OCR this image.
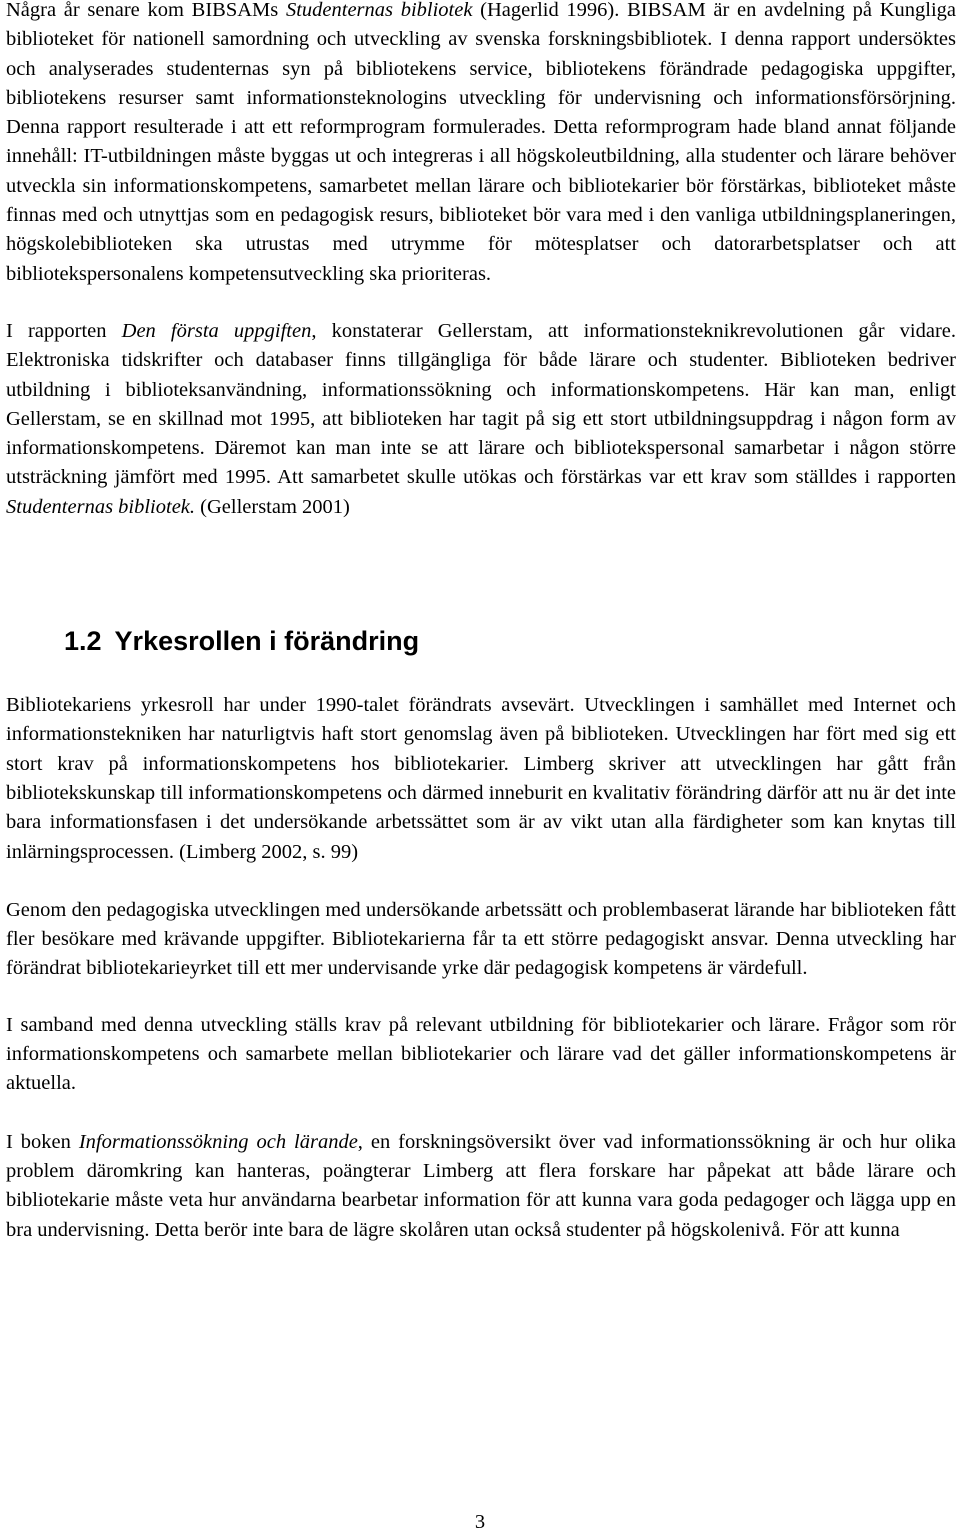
Några år senare kom BIBSAMs Studenternas bibliotek (Hagerlid 1996). BIBSAM är en avdelning på Kungliga biblioteket för nationell samordning och utveckling av svenska forskningsbibliotek. I denna rapport undersöktes och analyserades studenternas syn på bibliotekens service, bibliotekens förändrade pedagogiska uppgifter, bibliotekens resurser samt informationsteknologins utveckling för undervisning och informationsförsörjning. Denna rapport resulterade i att ett reformprogram formulerades. Detta reformprogram hade bland annat följande innehåll: IT-utbildningen måste byggas ut och integreras i all högskoleutbildning, alla studenter och lärare behöver utveckla sin informationskompetens, samarbetet mellan lärare och bibliotekarier bör förstärkas, biblioteket måste finnas med och utnyttjas som en pedagogisk resurs, biblioteket bör vara med i den vanliga utbildningsplaneringen, högskolebiblioteken ska utrustas med utrymme för mötesplatser och datorarbetsplatser och att bibliotekspersonalens kompetensutveckling ska prioriteras.

I rapporten Den första uppgiften, konstaterar Gellerstam, att informationsteknikrevolutionen går vidare. Elektroniska tidskrifter och databaser finns tillgängliga för både lärare och studenter. Biblioteken bedriver utbildning i biblioteksanvändning, informationssökning och informationskompetens. Här kan man, enligt Gellerstam, se en skillnad mot 1995, att biblioteken har tagit på sig ett stort utbildningsuppdrag i någon form av informationskompetens. Däremot kan man inte se att lärare och bibliotekspersonal samarbetar i någon större utsträckning jämfört med 1995. Att samarbetet skulle utökas och förstärkas var ett krav som ställdes i rapporten Studenternas bibliotek. (Gellerstam 2001)

1.2 Yrkesrollen i förändring

Bibliotekariens yrkesroll har under 1990-talet förändrats avsevärt. Utvecklingen i samhället med Internet och informationstekniken har naturligtvis haft stort genomslag även på biblioteken. Utvecklingen har fört med sig ett stort krav på informationskompetens hos bibliotekarier. Limberg skriver att utvecklingen har gått från bibliotekskunskap till informationskompetens och därmed inneburit en kvalitativ förändring därför att nu är det inte bara informationsfasen i det undersökande arbetssättet som är av vikt utan alla färdigheter som kan knytas till inlärningsprocessen. (Limberg 2002, s. 99)

Genom den pedagogiska utvecklingen med undersökande arbetssätt och problembaserat lärande har biblioteken fått fler besökare med krävande uppgifter. Bibliotekarierna får ta ett större pedagogiskt ansvar. Denna utveckling har förändrat bibliotekarieyrket till ett mer undervisande yrke där pedagogisk kompetens är värdefull.

I samband med denna utveckling ställs krav på relevant utbildning för bibliotekarier och lärare. Frågor som rör informationskompetens och samarbete mellan bibliotekarier och lärare vad det gäller informationskompetens är aktuella.

I boken Informationssökning och lärande, en forskningsöversikt över vad informationssökning är och hur olika problem däromkring kan hanteras, poängterar Limberg att flera forskare har påpekat att både lärare och bibliotekarie måste veta hur användarna bearbetar information för att kunna vara goda pedagoger och lägga upp en bra undervisning. Detta berör inte bara de lägre skolåren utan också studenter på högskolenivå. För att kunna

3
